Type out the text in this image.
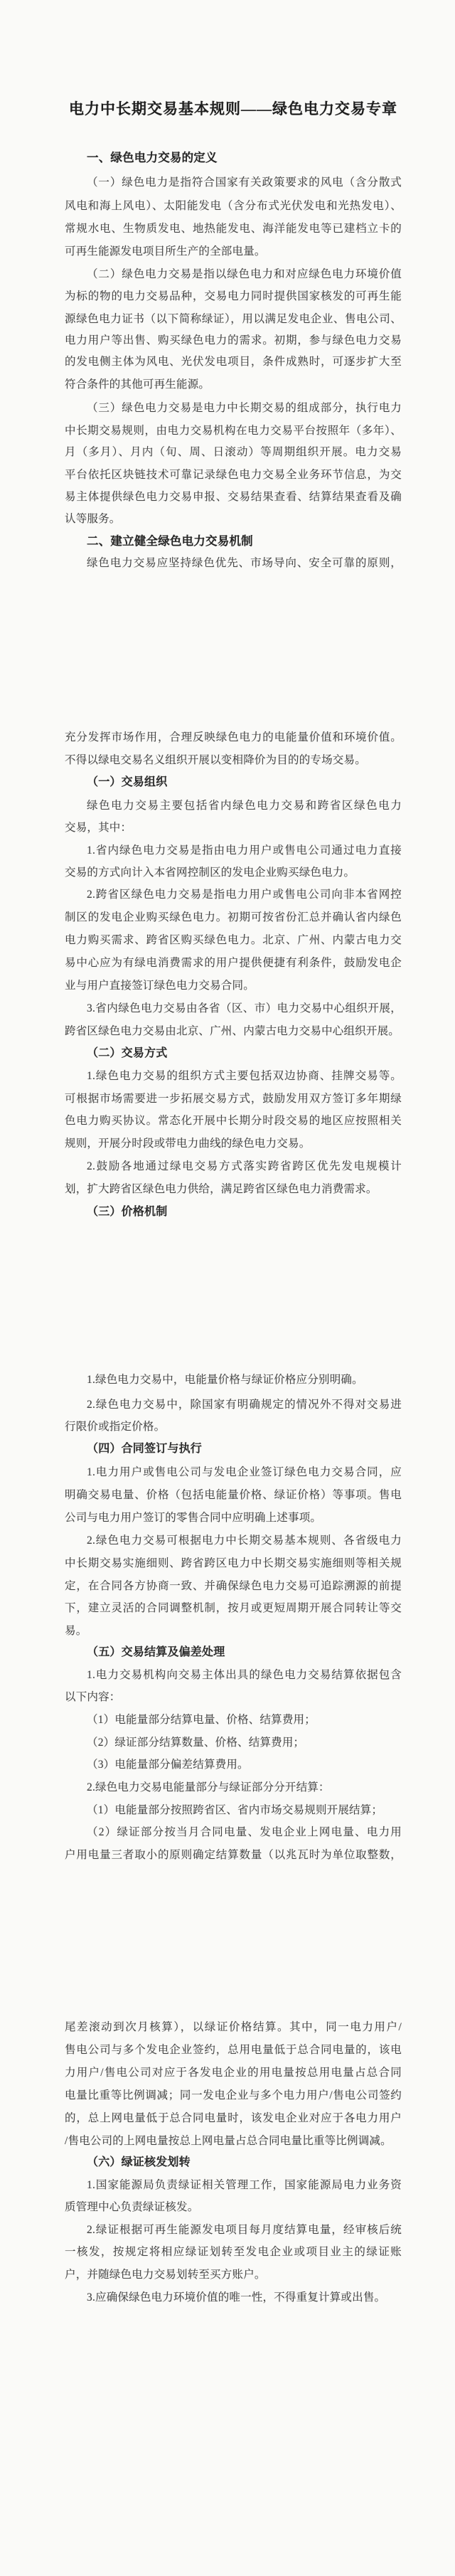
电力中长期交易基本规则——绿色电力交易专章
一、绿色电力交易的定义
（一）绿色电力是指符合国家有关政策要求的风电（含分散式
风电和海上风电）、太阳能发电（含分布式光伏发电和光热发电）、
常规水电、生物质发电、地热能发电、海洋能发电等已建档立卡的
可再生能源发电项目所生产的全部电量。
（二）绿色电力交易是指以绿色电力和对应绿色电力环境价值
为标的物的电力交易品种，交易电力同时提供国家核发的可再生能
源绿色电力证书（以下简称绿证），用以满足发电企业、售电公司、
电力用户等出售、购买绿色电力的需求。初期，参与绿色电力交易
的发电侧主体为风电、光伏发电项目，条件成熟时，可逐步扩大至
符合条件的其他可再生能源。
（三）绿色电力交易是电力中长期交易的组成部分，执行电力
中长期交易规则，由电力交易机构在电力交易平台按照年（多年）、
月（多月）、月内（旬、周、日滚动）等周期组织开展。电力交易
平台依托区块链技术可靠记录绿色电力交易全业务环节信息，为交
易主体提供绿色电力交易申报、交易结果查看、结算结果查看及确
认等服务。
二、建立健全绿色电力交易机制
绿色电力交易应坚持绿色优先、市场导向、安全可靠的原则，
充分发挥市场作用，合理反映绿色电力的电能量价值和环境价值。
不得以绿电交易名义组织开展以变相降价为目的的专场交易。
（一）交易组织
绿色电力交易主要包括省内绿色电力交易和跨省区绿色电力
交易，其中：
1.省内绿色电力交易是指由电力用户或售电公司通过电力直接
交易的方式向计入本省网控制区的发电企业购买绿色电力。
2.跨省区绿色电力交易是指电力用户或售电公司向非本省网控
制区的发电企业购买绿色电力。初期可按省份汇总并确认省内绿色
电力购买需求、跨省区购买绿色电力。北京、广州、内蒙古电力交
易中心应为有绿电消费需求的用户提供便捷有利条件，鼓励发电企
业与用户直接签订绿色电力交易合同。
3.省内绿色电力交易由各省（区、市）电力交易中心组织开展，
跨省区绿色电力交易由北京、广州、内蒙古电力交易中心组织开展。
（二）交易方式
1.绿色电力交易的组织方式主要包括双边协商、挂牌交易等。
可根据市场需要进一步拓展交易方式，鼓励发用双方签订多年期绿
色电力购买协议。常态化开展中长期分时段交易的地区应按照相关
规则，开展分时段或带电力曲线的绿色电力交易。
2.鼓励各地通过绿电交易方式落实跨省跨区优先发电规模计
划，扩大跨省区绿色电力供给，满足跨省区绿色电力消费需求。
（三）价格机制
1.绿色电力交易中，电能量价格与绿证价格应分别明确。
2.绿色电力交易中，除国家有明确规定的情况外不得对交易进
行限价或指定价格。
（四）合同签订与执行
1.电力用户或售电公司与发电企业签订绿色电力交易合同，应
明确交易电量、价格（包括电能量价格、绿证价格）等事项。售电
公司与电力用户签订的零售合同中应明确上述事项。
2.绿色电力交易可根据电力中长期交易基本规则、各省级电力
中长期交易实施细则、跨省跨区电力中长期交易实施细则等相关规
定，在合同各方协商一致、并确保绿色电力交易可追踪溯源的前提
下，建立灵活的合同调整机制，按月或更短周期开展合同转让等交
易。
（五）交易结算及偏差处理
1.电力交易机构向交易主体出具的绿色电力交易结算依据包含
以下内容：
（1）电能量部分结算电量、价格、结算费用；
（2）绿证部分结算数量、价格、结算费用；
（3）电能量部分偏差结算费用。
2.绿色电力交易电能量部分与绿证部分分开结算：
（1）电能量部分按照跨省区、省内市场交易规则开展结算；
（2）绿证部分按当月合同电量、发电企业上网电量、电力用
户用电量三者取小的原则确定结算数量（以兆瓦时为单位取整数，
尾差滚动到次月核算），以绿证价格结算。其中，同一电力用户/
售电公司与多个发电企业签约，总用电量低于总合同电量的，该电
力用户/售电公司对应于各发电企业的用电量按总用电量占总合同
电量比重等比例调减；同一发电企业与多个电力用户/售电公司签约
的，总上网电量低于总合同电量时，该发电企业对应于各电力用户
/售电公司的上网电量按总上网电量占总合同电量比重等比例调减。
（六）绿证核发划转
1.国家能源局负责绿证相关管理工作，国家能源局电力业务资
质管理中心负责绿证核发。
2.绿证根据可再生能源发电项目每月度结算电量，经审核后统
一核发，按规定将相应绿证划转至发电企业或项目业主的绿证账
户，并随绿色电力交易划转至买方账户。
3.应确保绿色电力环境价值的唯一性，不得重复计算或出售。
